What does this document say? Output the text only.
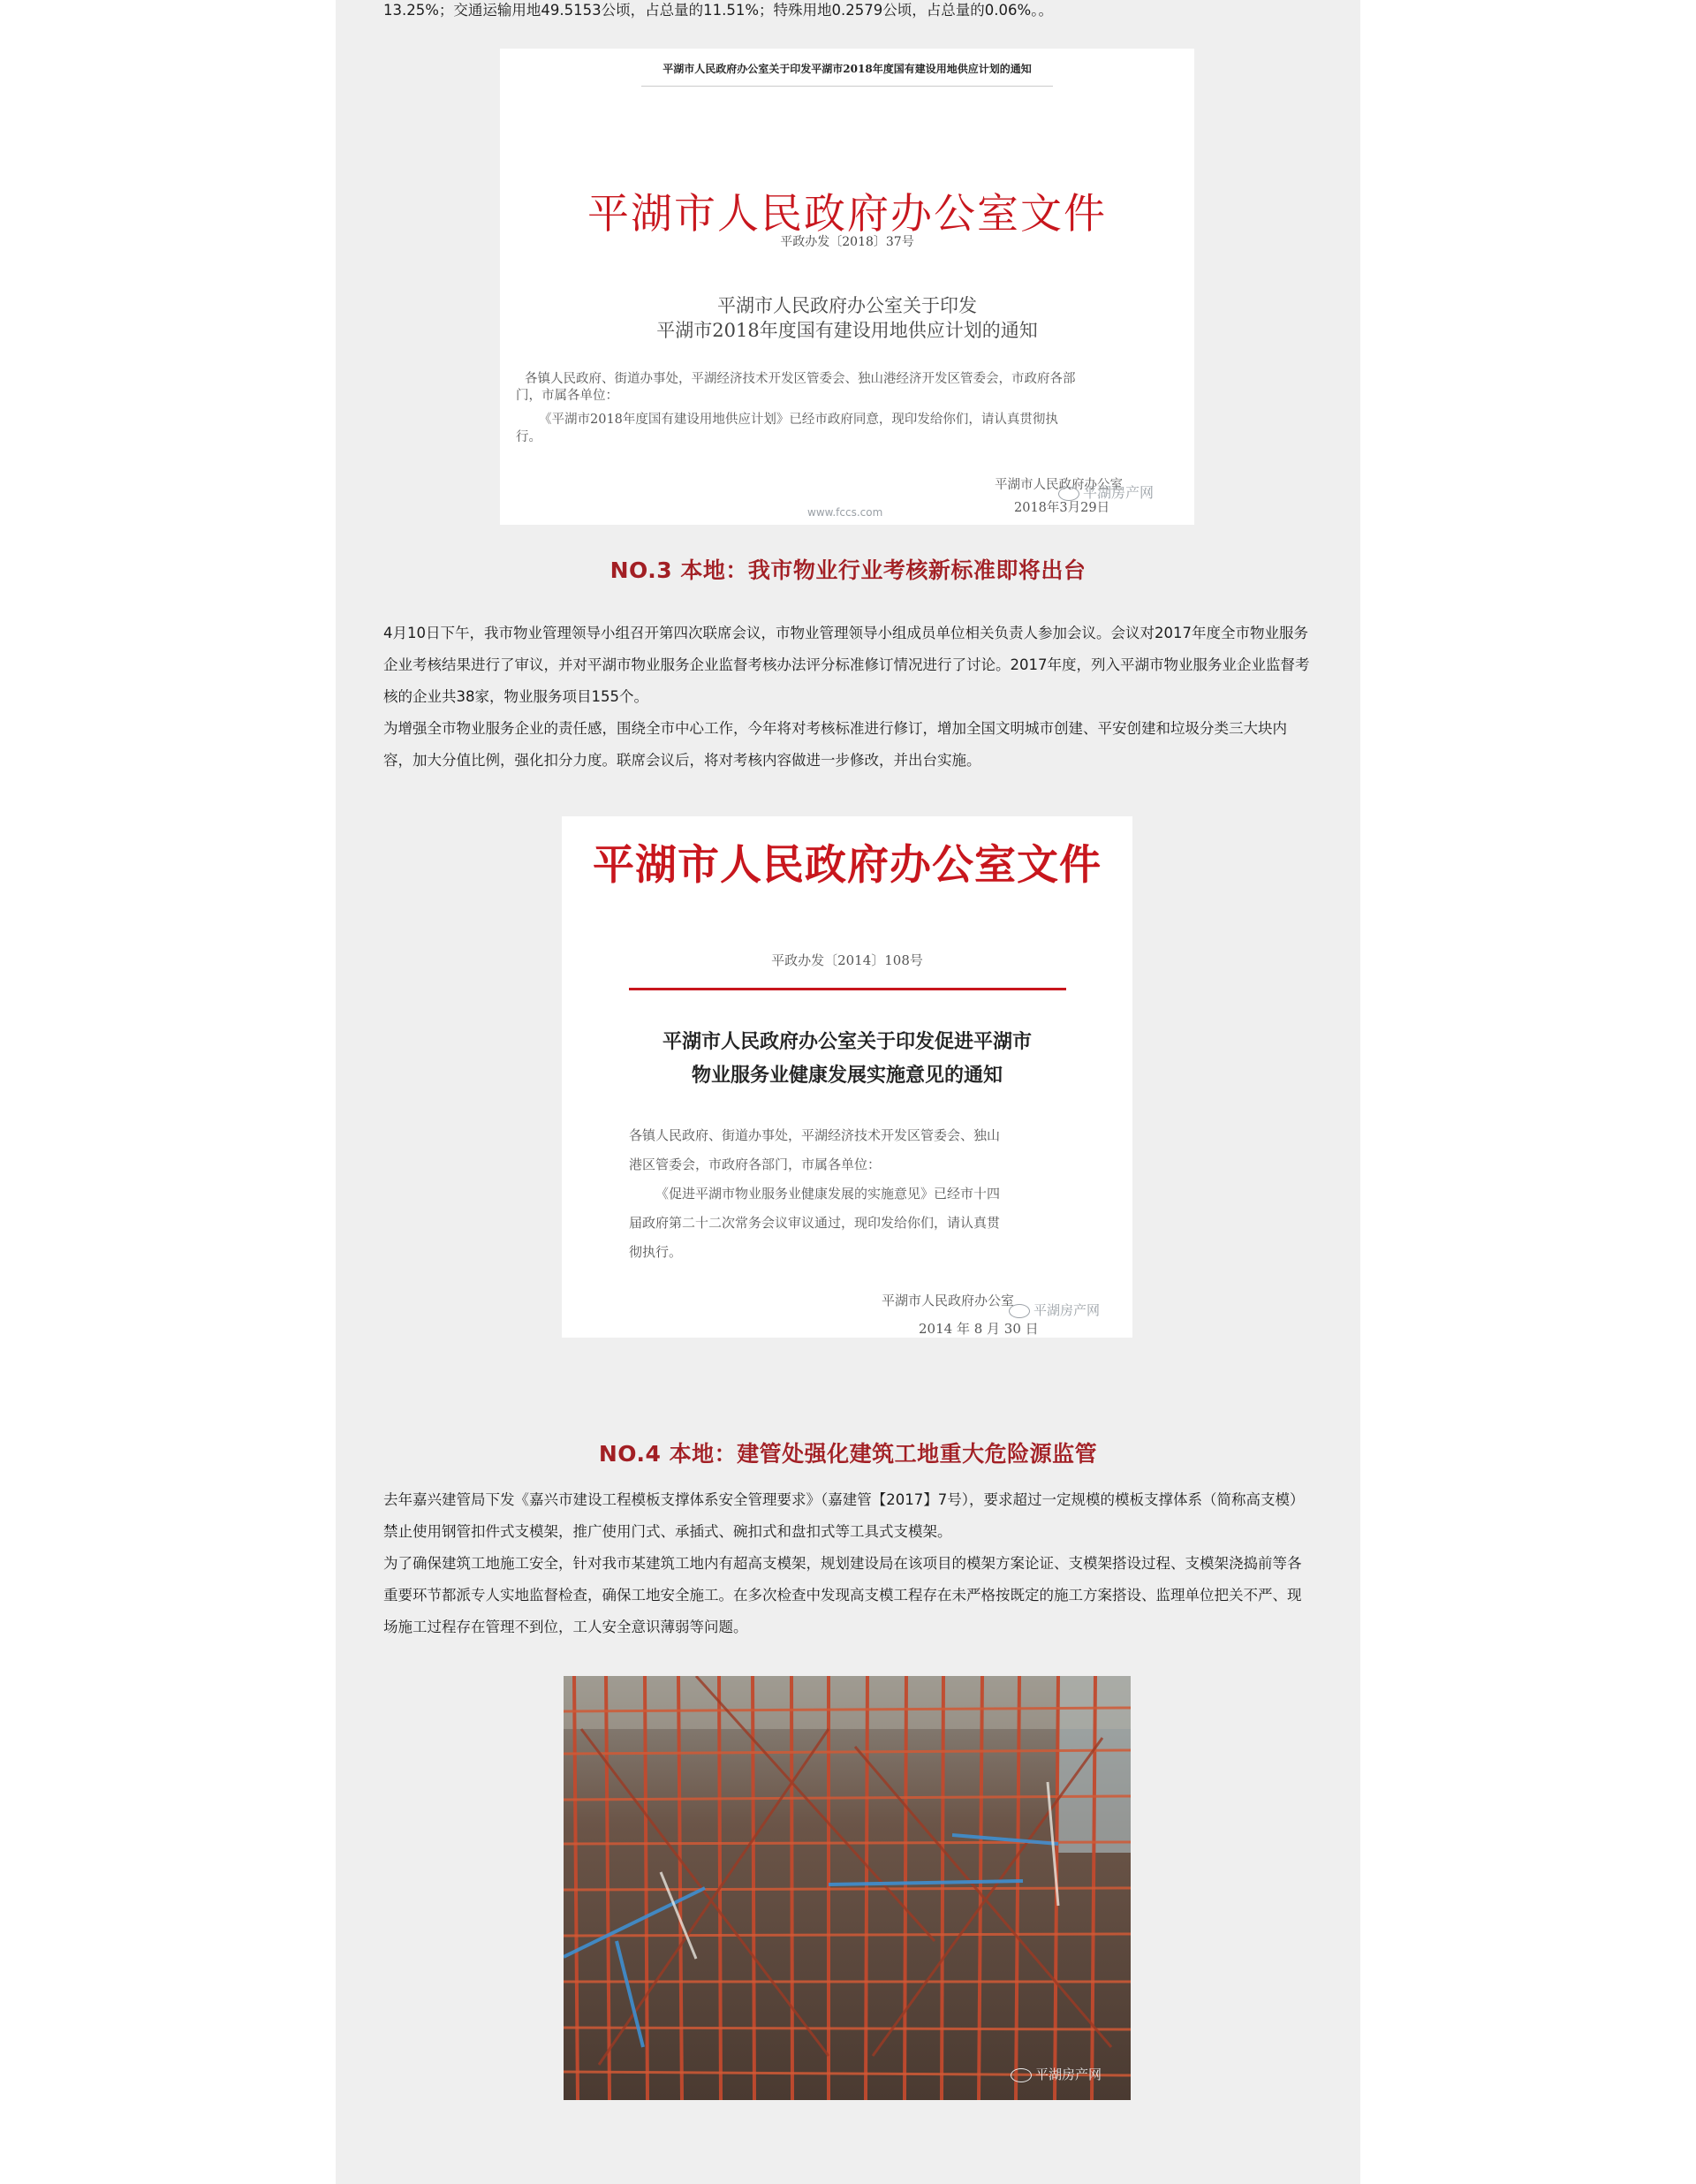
13.25%；交通运输用地49.5153公顷，占总量的11.51%；特殊用地0.2579公顷，占总量的0.06%。。

平湖市人民政府办公室关于印发平湖市2018年度国有建设用地供应计划的通知
平湖市人民政府办公室文件
平政办发〔2018〕37号
平湖市人民政府办公室关于印发
平湖市2018年度国有建设用地供应计划的通知
各镇人民政府、街道办事处，平湖经济技术开发区管委会、独山港经济开发区管委会，市政府各部
门，市属各单位：
《平湖市2018年度国有建设用地供应计划》已经市政府同意，现印发给你们，请认真贯彻执
行。
平湖市人民政府办公室
2018年3月29日
www.fccs.com
平湖房产网
NO.3 本地：我市物业行业考核新标准即将出台

4月10日下午，我市物业管理领导小组召开第四次联席会议，市物业管理领导小组成员单位相关负责人参加会议。会议对2017年度全市物业服务企业考核结果进行了审议，并对平湖市物业服务企业监督考核办法评分标准修订情况进行了讨论。2017年度，列入平湖市物业服务业企业监督考核的企业共38家，物业服务项目155个。

为增强全市物业服务企业的责任感，围绕全市中心工作，今年将对考核标准进行修订，增加全国文明城市创建、平安创建和垃圾分类三大块内容，加大分值比例，强化扣分力度。联席会议后，将对考核内容做进一步修改，并出台实施。

平湖市人民政府办公室文件
平政办发〔2014〕108号
平湖市人民政府办公室关于印发促进平湖市
物业服务业健康发展实施意见的通知
各镇人民政府、街道办事处，平湖经济技术开发区管委会、独山
港区管委会，市政府各部门，市属各单位：
《促进平湖市物业服务业健康发展的实施意见》已经市十四
届政府第二十二次常务会议审议通过，现印发给你们，请认真贯
彻执行。
平湖市人民政府办公室
2014 年 8 月 30 日
平湖房产网
NO.4 本地：建管处强化建筑工地重大危险源监管

去年嘉兴建管局下发《嘉兴市建设工程模板支撑体系安全管理要求》（嘉建管【2017】7号），要求超过一定规模的模板支撑体系（简称高支模）禁止使用钢管扣件式支模架，推广使用门式、承插式、碗扣式和盘扣式等工具式支模架。

为了确保建筑工地施工安全，针对我市某建筑工地内有超高支模架，规划建设局在该项目的模架方案论证、支模架搭设过程、支模架浇捣前等各重要环节都派专人实地监督检查，确保工地安全施工。在多次检查中发现高支模工程存在未严格按既定的施工方案搭设、监理单位把关不严、现场施工过程存在管理不到位，工人安全意识薄弱等问题。

平湖房产网
